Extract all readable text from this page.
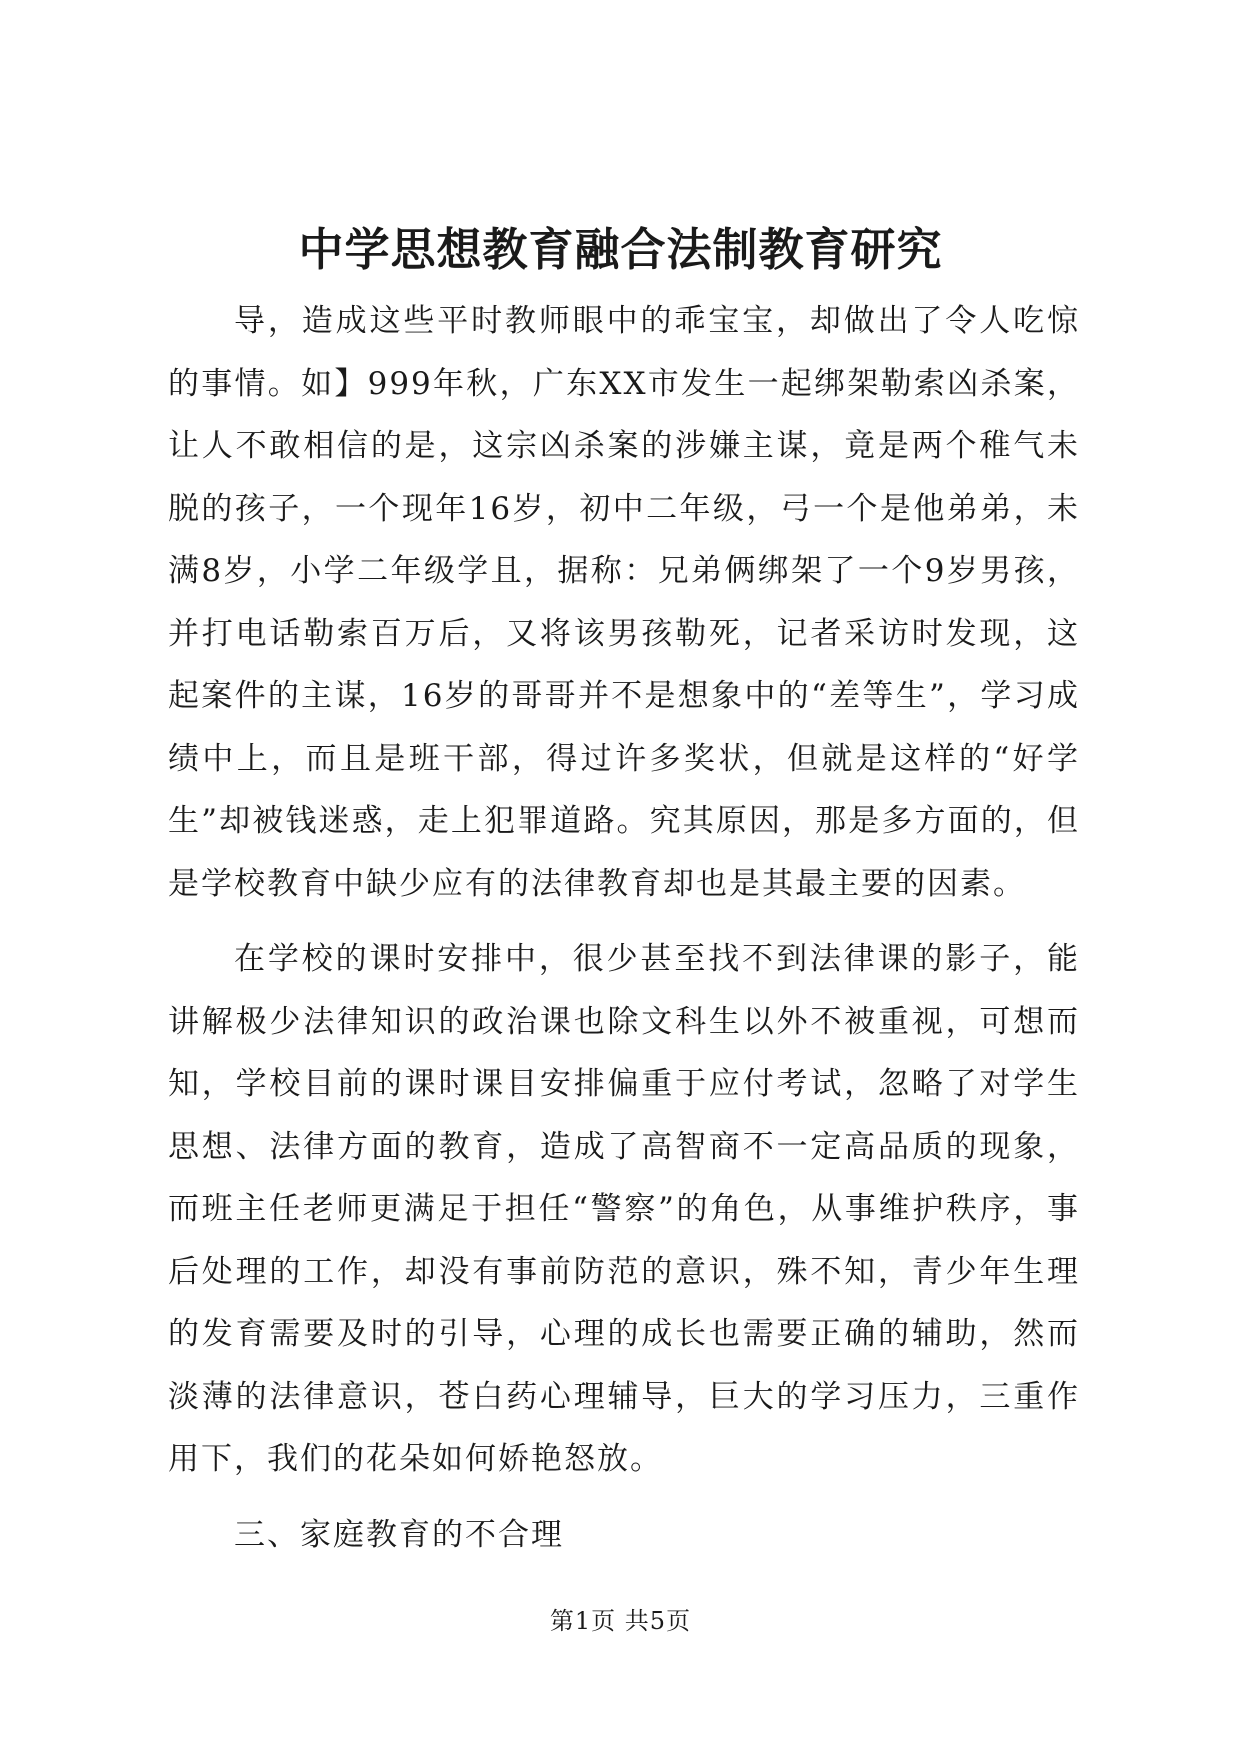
中学思想教育融合法制教育研究

导，造成这些平时教师眼中的乖宝宝，却做出了令人吃惊的事情。如】999年秋，广东XX市发生一起绑架勒索凶杀案，让人不敢相信的是，这宗凶杀案的涉嫌主谋，竟是两个稚气未脱的孩子，一个现年16岁，初中二年级，弓一个是他弟弟，未满8岁，小学二年级学且，据称：兄弟俩绑架了一个9岁男孩，并打电话勒索百万后，又将该男孩勒死，记者采访时发现，这起案件的主谋，16岁的哥哥并不是想象中的“差等生”，学习成绩中上，而且是班干部，得过许多奖状，但就是这样的“好学生”却被钱迷惑，走上犯罪道路。究其原因，那是多方面的，但是学校教育中缺少应有的法律教育却也是其最主要的因素。

在学校的课时安排中，很少甚至找不到法律课的影子，能讲解极少法律知识的政治课也除文科生以外不被重视，可想而知，学校目前的课时课目安排偏重于应付考试，忽略了对学生思想、法律方面的教育，造成了高智商不一定高品质的现象，而班主任老师更满足于担任“警察”的角色，从事维护秩序，事后处理的工作，却没有事前防范的意识，殊不知，青少年生理的发育需要及时的引导，心理的成长也需要正确的辅助，然而淡薄的法律意识，苍白药心理辅导，巨大的学习压力，三重作用下，我们的花朵如何娇艳怒放。

三、家庭教育的不合理

第1页 共5页
